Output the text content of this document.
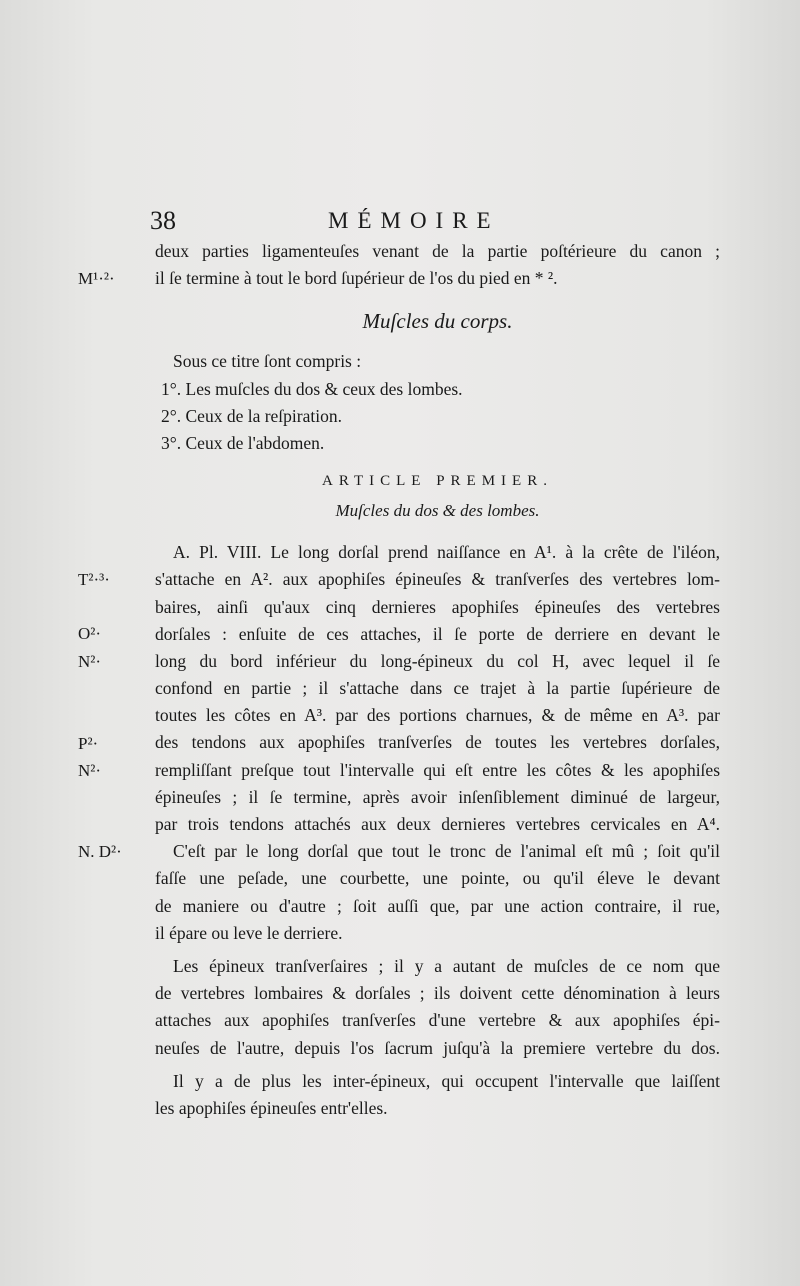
38	MÉMOIRE
M¹·²·
T²·³·
O²·
N²·
P²·
N²·
N. D²·
deux parties ligamenteuſes venant de la partie poſtérieure du canon ;
il ſe termine à tout le bord ſupérieur de l'os du pied en * ².
Muſcles du corps.
Sous ce titre ſont compris :
1°. Les muſcles du dos & ceux des lombes.
2°. Ceux de la reſpiration.
3°. Ceux de l'abdomen.
ARTICLE PREMIER.
Muſcles du dos & des lombes.
A. Pl. VIII. Le long dorſal prend naiſſance en A¹. à la crête de l'iléon,
s'attache en A². aux apophiſes épineuſes & tranſverſes des vertebres lom-
baires, ainſi qu'aux cinq dernieres apophiſes épineuſes des vertebres
dorſales : enſuite de ces attaches, il ſe porte de derriere en devant le
long du bord inférieur du long-épineux du col H, avec lequel il ſe
confond en partie ; il s'attache dans ce trajet à la partie ſupérieure de
toutes les côtes en A³. par des portions charnues, & de même en A³. par
des tendons aux apophiſes tranſverſes de toutes les vertebres dorſales,
rempliſſant preſque tout l'intervalle qui eſt entre les côtes & les apophiſes
épineuſes ; il ſe termine, après avoir inſenſiblement diminué de largeur,
par trois tendons attachés aux deux dernieres vertebres cervicales en A⁴.
C'eſt par le long dorſal que tout le tronc de l'animal eſt mû ; ſoit qu'il
faſſe une peſade, une courbette, une pointe, ou qu'il éleve le devant
de maniere ou d'autre ; ſoit auſſi que, par une action contraire, il rue,
il épare ou leve le derriere.
Les épineux tranſverſaires ; il y a autant de muſcles de ce nom que
de vertebres lombaires & dorſales ; ils doivent cette dénomination à leurs
attaches aux apophiſes tranſverſes d'une vertebre & aux apophiſes épi-
neuſes de l'autre, depuis l'os ſacrum juſqu'à la premiere vertebre du dos.
Il y a de plus les inter-épineux, qui occupent l'intervalle que laiſſent
les apophiſes épineuſes entr'elles.
